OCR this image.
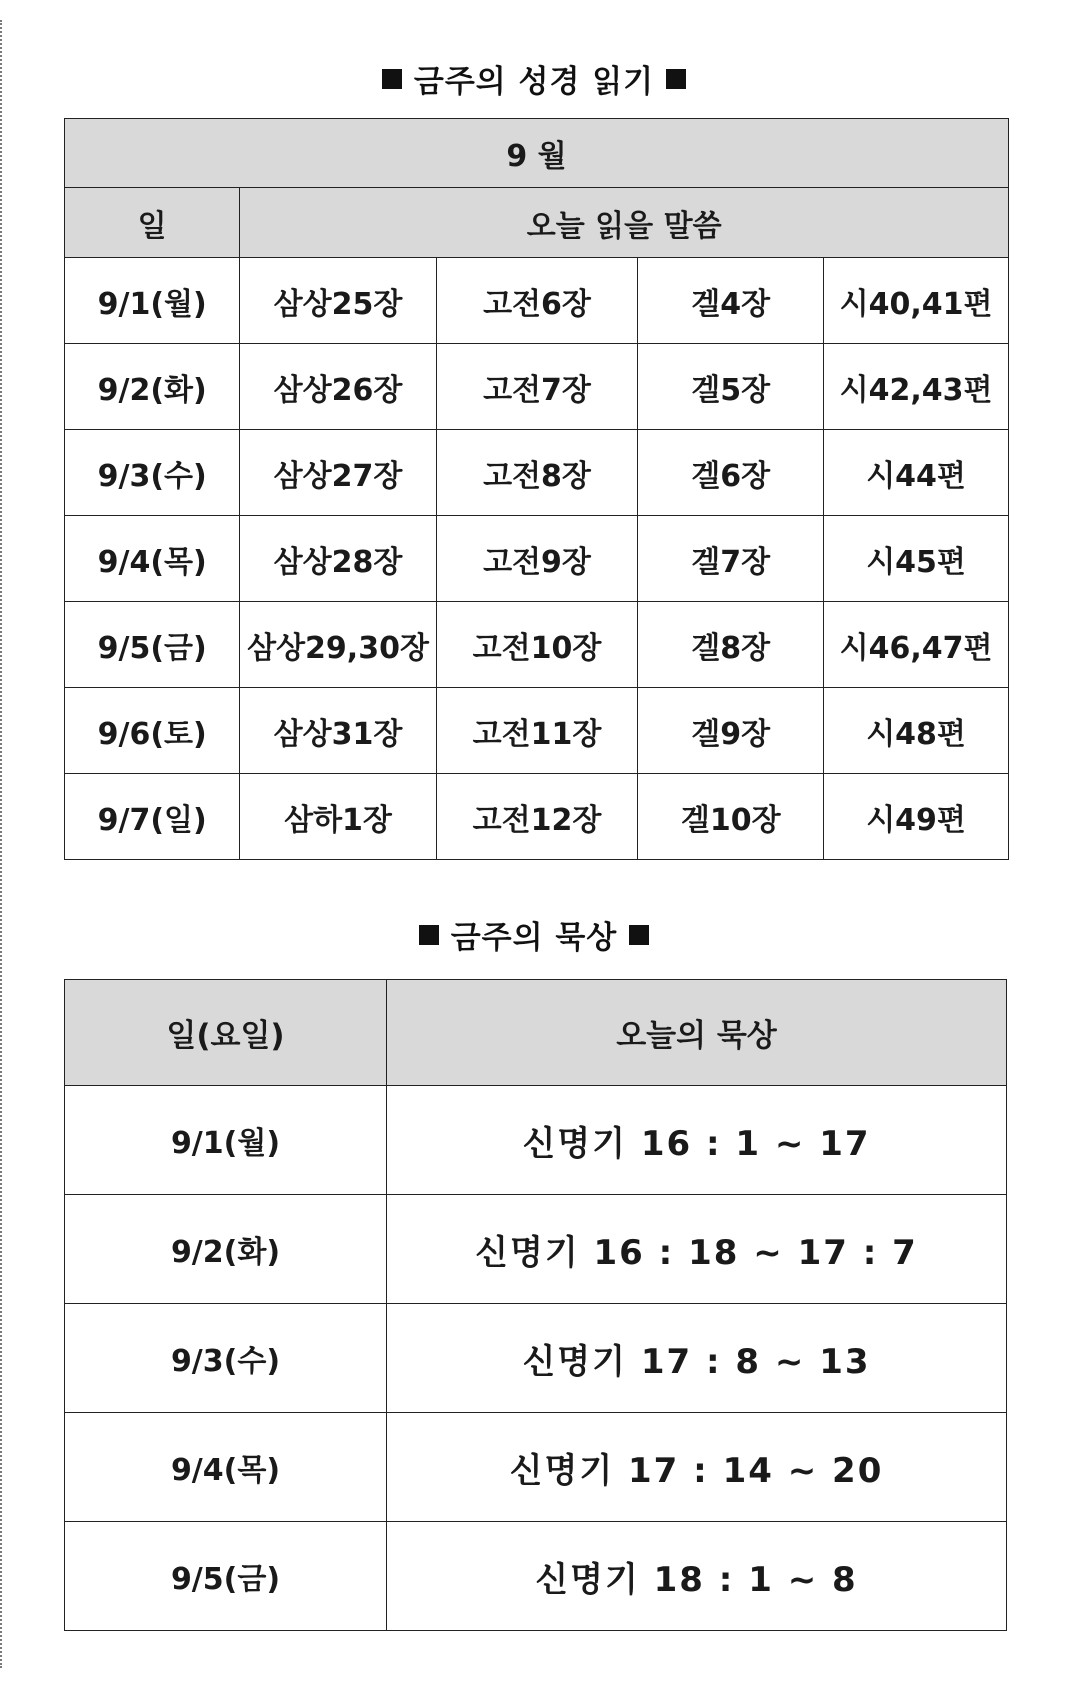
금주의 성경 읽기
9 월				
일	오늘 읽을 말씀			
9/1(월)	삼상25장	고전6장	겔4장	시40,41편
9/2(화)	삼상26장	고전7장	겔5장	시42,43편
9/3(수)	삼상27장	고전8장	겔6장	시44편
9/4(목)	삼상28장	고전9장	겔7장	시45편
9/5(금)	삼상29,30장	고전10장	겔8장	시46,47편
9/6(토)	삼상31장	고전11장	겔9장	시48편
9/7(일)	삼하1장	고전12장	겔10장	시49편
금주의 묵상
일(요일)	오늘의 묵상
9/1(월)	신명기 16 : 1 ~ 17
9/2(화)	신명기 16 : 18 ~ 17 : 7
9/3(수)	신명기 17 : 8 ~ 13
9/4(목)	신명기 17 : 14 ~ 20
9/5(금)	신명기 18 : 1 ~ 8
